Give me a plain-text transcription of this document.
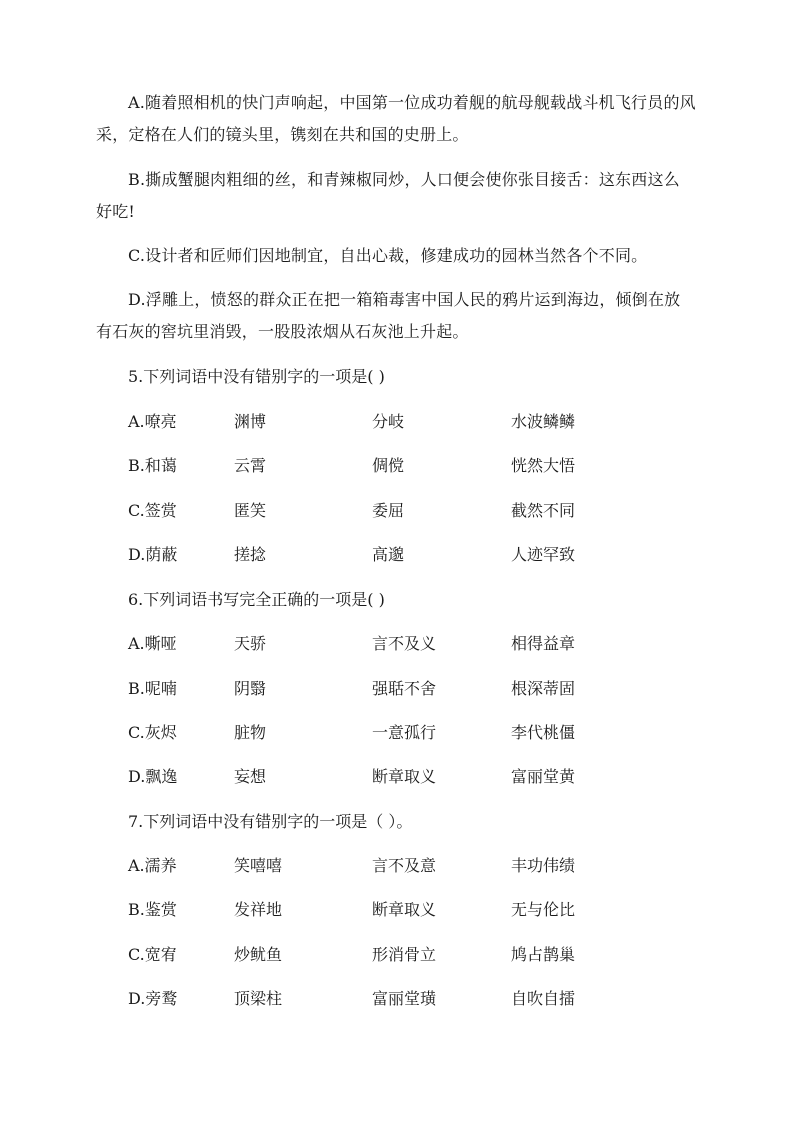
A.随着照相机的快门声响起，中国第一位成功着舰的航母舰载战斗机飞行员的风采，定格在人们的镜头里，镌刻在共和国的史册上。
B.撕成蟹腿肉粗细的丝，和青辣椒同炒，人口便会使你张目接舌：这东西这么好吃!
C.设计者和匠师们因地制宜，自出心裁，修建成功的园林当然各个不同。
D.浮雕上，愤怒的群众正在把一箱箱毒害中国人民的鸦片运到海边，倾倒在放有石灰的窖坑里消毁，一股股浓烟从石灰池上升起。
5.下列词语中没有错别字的一项是( )
A.嘹亮	渊博	分岐	水波鳞鳞
B.和蔼	云霄	倜傥	恍然大悟
C.签赏	匿笑	委屈	截然不同
D.荫蔽	搓捻	高邈	人迹罕致
6.下列词语书写完全正确的一项是( )
A.嘶哑	天骄	言不及义	相得益章
B.呢喃	阴翳	强聒不舍	根深蒂固
C.灰烬	脏物	一意孤行	李代桃僵
D.飘逸	妄想	断章取义	富丽堂黄
7.下列词语中没有错别字的一项是（ ）。
A.濡养	笑嘻嘻	言不及意	丰功伟绩
B.鉴赏	发祥地	断章取义	无与伦比
C.宽宥	炒鱿鱼	形消骨立	鸠占鹊巢
D.旁鹜	顶梁柱	富丽堂璜	自吹自擂
